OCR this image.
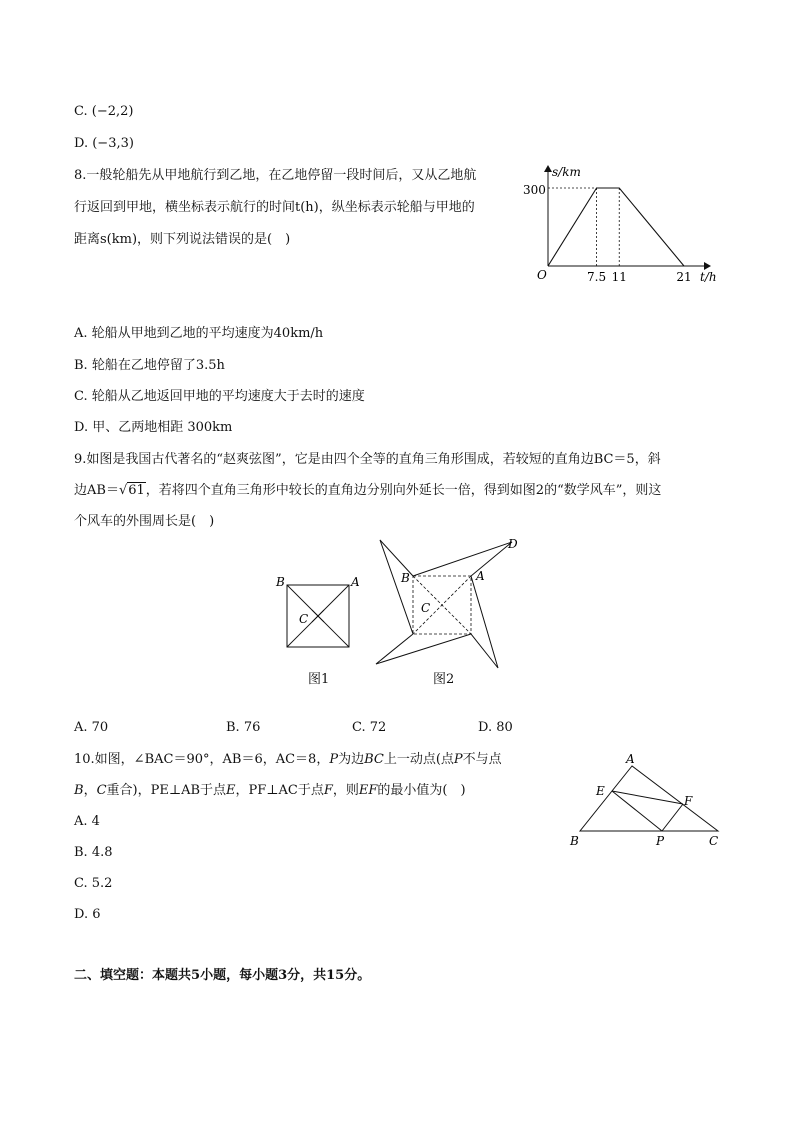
C. (−2,2)
D. (−3,3)
8.一般轮船先从甲地航行到乙地，在乙地停留一段时间后，又从乙地航
行返回到甲地，横坐标表示航行的时间t(h)，纵坐标表示轮船与甲地的
距离s(km)，则下列说法错误的是(　)
s/km
t/h
O
300
7.5 11	21
A. 轮船从甲地到乙地的平均速度为40km/h
B. 轮船在乙地停留了3.5h
C. 轮船从乙地返回甲地的平均速度大于去时的速度
D. 甲、乙两地相距 300km
9.如图是我国古代著名的“赵爽弦图”，它是由四个全等的直角三角形围成，若较短的直角边BC＝5，斜
边AB＝√61，若将四个直角三角形中较长的直角边分别向外延长一倍，得到如图2的“数学风车”，则这
个风车的外围周长是(　)
B	A
C
图1
B	A
C
D
图2
A. 70	B. 76	C. 72	D. 80
10.如图，∠BAC＝90°，AB＝6，AC＝8，P为边BC上一动点(点P不与点
B，C重合)，PE⊥AB于点E，PF⊥AC于点F，则EF的最小值为(　)
A. 4
B. 4.8
C. 5.2
D. 6
A
B	C
E
F
P
二、填空题：本题共5小题，每小题3分，共15分。
